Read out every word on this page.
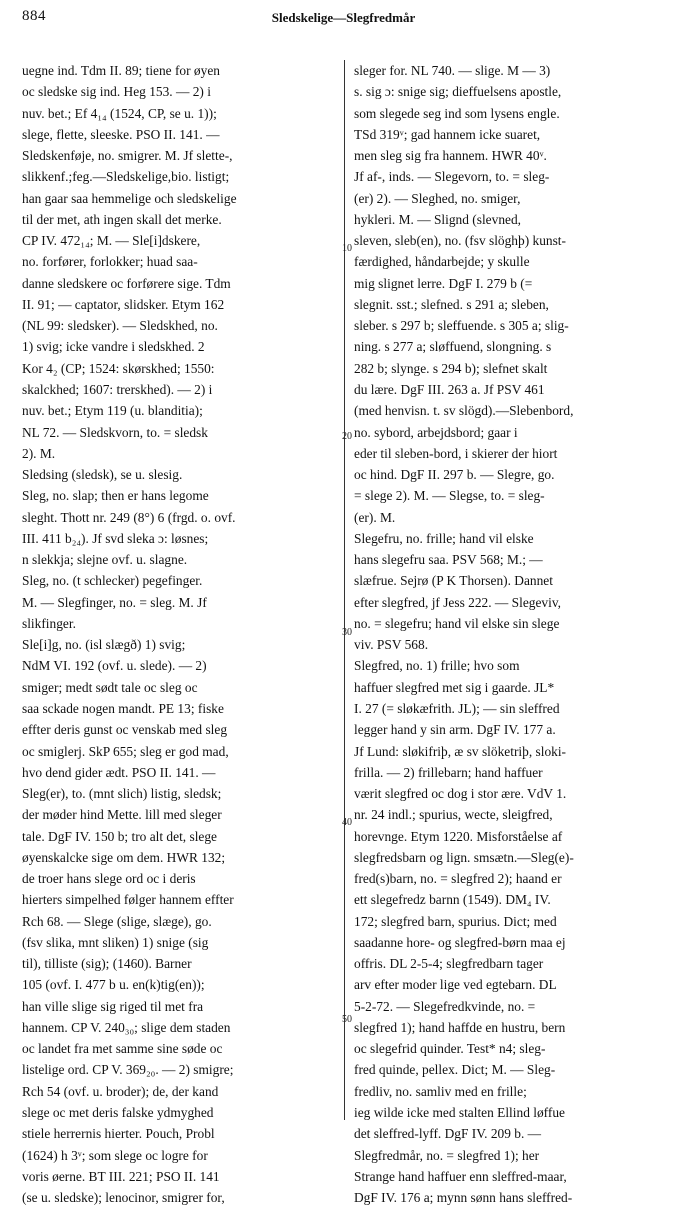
884	Sledskelige—Slegfredmår
10
20
30
40
50
uegne ind. Tdm II. 89; tiene for øyen
oc sledske sig ind. Heg 153. — 2) i
nuv. bet.; Ef 4₁₄ (1524, CP, se u. 1));
slege, flette, sleeske. PSO II. 141. —
Sledskenføje, no. smigrer. M. Jf slette-,
slikkenf.;feg.—Sledskelige,bio. listigt;
han gaar saa hemmelige och sledskelige
til der met, ath ingen skall det merke.
CP IV. 472₁₄; M. — Sle[i]dskere,
no. forfører, forlokker; huad saa-
danne sledskere oc forførere sige. Tdm
II. 91; — captator, slidsker. Etym 162
(NL 99: sledsker). — Sledskhed, no.
1) svig; icke vandre i sledskhed. 2
Kor 4₂ (CP; 1524: skørskhed; 1550:
skalckhed; 1607: trerskhed). — 2) i
nuv. bet.; Etym 119 (u. blanditia);
NL 72. — Sledskvorn, to. = sledsk
2). M.
Sledsing (sledsk), se u. slesig.
Sleg, no. slap; then er hans legome
sleght. Thott nr. 249 (8°) 6 (frgd. o. ovf.
III. 411 b₂₄). Jf svd sleka ɔ: løsnes;
n slekkja; slejne ovf. u. slagne.
Sleg, no. (t schlecker) pegefinger.
M. — Slegfinger, no. = sleg. M. Jf
slikfinger.
Sle[i]g, no. (isl slægð) 1) svig;
NdM VI. 192 (ovf. u. slede). — 2)
smiger; medt sødt tale oc sleg oc
saa sckade nogen mandt. PE 13; fiske
effter deris gunst oc venskab med sleg
oc smiglerj. SkP 655; sleg er god mad,
hvo dend gider ædt. PSO II. 141. —
Sleg(er), to. (mnt slich) listig, sledsk;
der møder hind Mette. lill med sleger
tale. DgF IV. 150 b; tro alt det, slege
øyenskalcke sige om dem. HWR 132;
de troer hans slege ord oc i deris
hierters simpelhed følger hannem effter
Rch 68. — Slege (slige, slæge), go.
(fsv slika, mnt sliken) 1) snige (sig
til), tilliste (sig); (1460). Barner
105 (ovf. I. 477 b u. en(k)tig(en));
han ville slige sig riged til met fra
hannem. CP V. 240₃₀; slige dem staden
oc landet fra met samme sine søde oc
listelige ord. CP V. 369₂₀. — 2) smigre;
Rch 54 (ovf. u. broder); de, der kand
slege oc met deris falske ydmyghed
stiele herrernis hierter. Pouch, Probl
(1624) h 3ᵛ; som slege oc logre for
voris øerne. BT III. 221; PSO II. 141
(se u. sledske); lenocinor, smigrer for,
sleger for. NL 740. — slige. M — 3)
s. sig ɔ: snige sig; dieffuelsens apostle,
som slegede seg ind som lysens engle.
TSd 319ᵛ; gad hannem icke suaret,
men sleg sig fra hannem. HWR 40ᵛ.
Jf af-, inds. — Slegevorn, to. = sleg-
(er) 2). — Sleghed, no. smiger,
hykleri. M. — Slignd (slevned,
sleven, sleb(en), no. (fsv slöghþ) kunst-
færdighed, håndarbejde; y skulle
mig slignet lerre. DgF I. 279 b (=
slegnit. sst.; slefned. s 291 a; sleben,
sleber. s 297 b; sleffuende. s 305 a; slig-
ning. s 277 a; sløffuend, slongning. s
282 b; slynge. s 294 b); slefnet skalt
du lære. DgF III. 263 a. Jf PSV 461
(med henvisn. t. sv slögd).—Slebenbord,
no. sybord, arbejdsbord; gaar i
eder til sleben-bord, i skierer der hiort
oc hind. DgF II. 297 b. — Slegre, go.
= slege 2). M. — Slegse, to. = sleg-
(er). M.
Slegefru, no. frille; hand vil elske
hans slegefru saa. PSV 568; M.; —
slæfrue. Sejrø (P K Thorsen). Dannet
efter slegfred, jf Jess 222. — Slegeviv,
no. = slegefru; hand vil elske sin slege
viv. PSV 568.
Slegfred, no. 1) frille; hvo som
haffuer slegfred met sig i gaarde. JL*
I. 27 (= sløkæfrith. JL); — sin sleffred
legger hand y sin arm. DgF IV. 177 a.
Jf Lund: sløkifriþ, æ sv slöketriþ, sloki-
frilla. — 2) frillebarn; hand haffuer
værit slegfred oc dog i stor ære. VdV 1.
nr. 24 indl.; spurius, wecte, sleigfred,
horevnge. Etym 1220. Misforståelse af
slegfredsbarn og lign. smsætn.—Sleg(e)-
fred(s)barn, no. = slegfred 2); haand er
ett slegefredz barnn (1549). DM₄ IV.
172; slegfred barn, spurius. Dict; med
saadanne hore- og slegfred-børn maa ej
offris. DL 2-5-4; slegfredbarn tager
arv efter moder lige ved egtebarn. DL
5-2-72. — Slegefredkvinde, no. =
slegfred 1); hand haffde en hustru, bern
oc slegefrid quinder. Test* n4; sleg-
fred quinde, pellex. Dict; M. — Sleg-
fredliv, no. samliv med en frille;
ieg wilde icke med stalten Ellind løffue
det sleffred-lyff. DgF IV. 209 b. —
Slegfredmår, no. = slegfred 1); her
Strange hand haffuer enn sleffred-maar,
DgF IV. 176 a; mynn sønn hans sleffred-
